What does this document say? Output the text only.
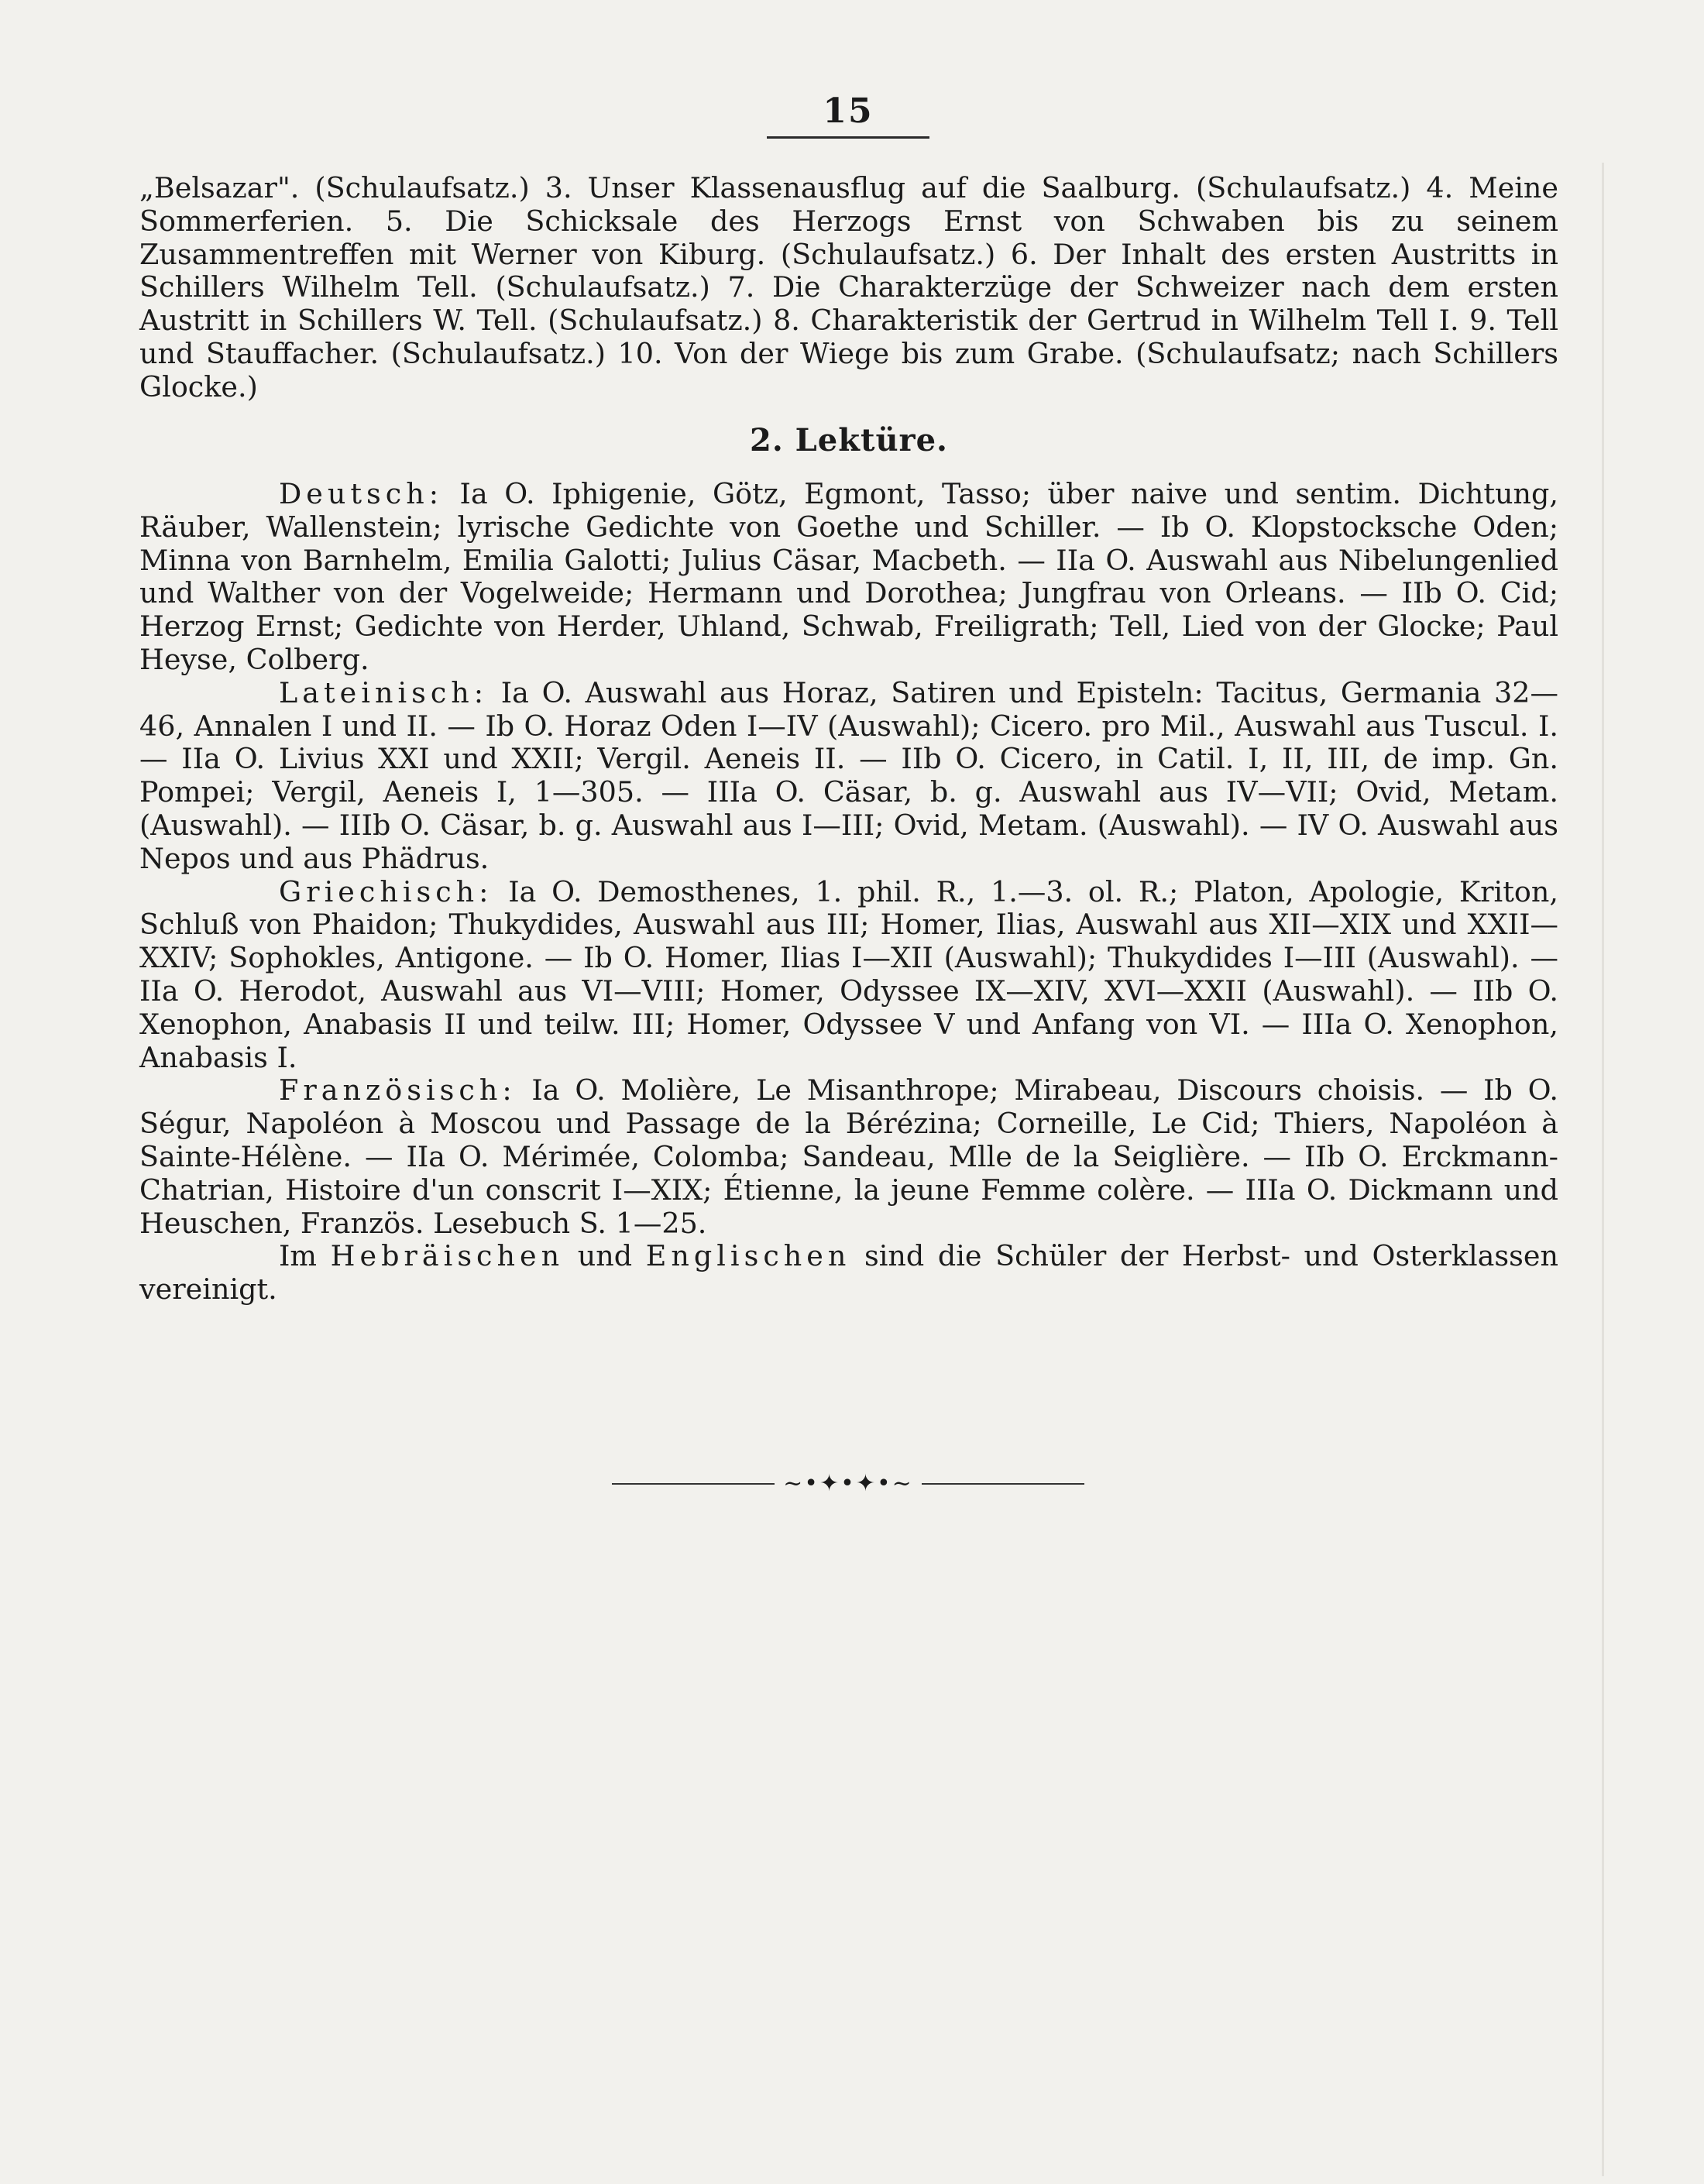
15

„Belsazar". (Schulaufsatz.) 3. Unser Klassenausflug auf die Saalburg. (Schulaufsatz.) 4. Meine Sommerferien. 5. Die Schicksale des Herzogs Ernst von Schwaben bis zu seinem Zusammentreffen mit Werner von Kiburg. (Schulaufsatz.) 6. Der Inhalt des ersten Austritts in Schillers Wilhelm Tell. (Schulaufsatz.) 7. Die Charakterzüge der Schweizer nach dem ersten Austritt in Schillers W. Tell. (Schulaufsatz.) 8. Charakteristik der Gertrud in Wilhelm Tell I. 9. Tell und Stauffacher. (Schulaufsatz.) 10. Von der Wiege bis zum Grabe. (Schulaufsatz; nach Schillers Glocke.)

2. Lektüre.

Deutsch: Ia O. Iphigenie, Götz, Egmont, Tasso; über naive und sentim. Dichtung, Räuber, Wallenstein; lyrische Gedichte von Goethe und Schiller. — Ib O. Klopstocksche Oden; Minna von Barnhelm, Emilia Galotti; Julius Cäsar, Macbeth. — IIa O. Auswahl aus Nibelungenlied und Walther von der Vogelweide; Hermann und Dorothea; Jungfrau von Orleans. — IIb O. Cid; Herzog Ernst; Gedichte von Herder, Uhland, Schwab, Freiligrath; Tell, Lied von der Glocke; Paul Heyse, Colberg.

Lateinisch: Ia O. Auswahl aus Horaz, Satiren und Episteln: Tacitus, Germania 32—46, Annalen I und II. — Ib O. Horaz Oden I—IV (Auswahl); Cicero. pro Mil., Auswahl aus Tuscul. I. — IIa O. Livius XXI und XXII; Vergil. Aeneis II. — IIb O. Cicero, in Catil. I, II, III, de imp. Gn. Pompei; Vergil, Aeneis I, 1—305. — IIIa O. Cäsar, b. g. Auswahl aus IV—VII; Ovid, Metam. (Auswahl). — IIIb O. Cäsar, b. g. Auswahl aus I—III; Ovid, Metam. (Auswahl). — IV O. Auswahl aus Nepos und aus Phädrus.

Griechisch: Ia O. Demosthenes, 1. phil. R., 1.—3. ol. R.; Platon, Apologie, Kriton, Schluß von Phaidon; Thukydides, Auswahl aus III; Homer, Ilias, Auswahl aus XII—XIX und XXII—XXIV; Sophokles, Antigone. — Ib O. Homer, Ilias I—XII (Auswahl); Thukydides I—III (Auswahl). — IIa O. Herodot, Auswahl aus VI—VIII; Homer, Odyssee IX—XIV, XVI—XXII (Auswahl). — IIb O. Xenophon, Anabasis II und teilw. III; Homer, Odyssee V und Anfang von VI. — IIIa O. Xenophon, Anabasis I.

Französisch: Ia O. Molière, Le Misanthrope; Mirabeau, Discours choisis. — Ib O. Ségur, Napoléon à Moscou und Passage de la Bérézina; Corneille, Le Cid; Thiers, Napoléon à Sainte-Hélène. — IIa O. Mérimée, Colomba; Sandeau, Mlle de la Seiglière. — IIb O. Erckmann-Chatrian, Histoire d'un conscrit I—XIX; Étienne, la jeune Femme colère. — IIIa O. Dickmann und Heuschen, Französ. Lesebuch S. 1—25.

Im Hebräischen und Englischen sind die Schüler der Herbst- und Osterklassen vereinigt.

~•✦•✦•~
